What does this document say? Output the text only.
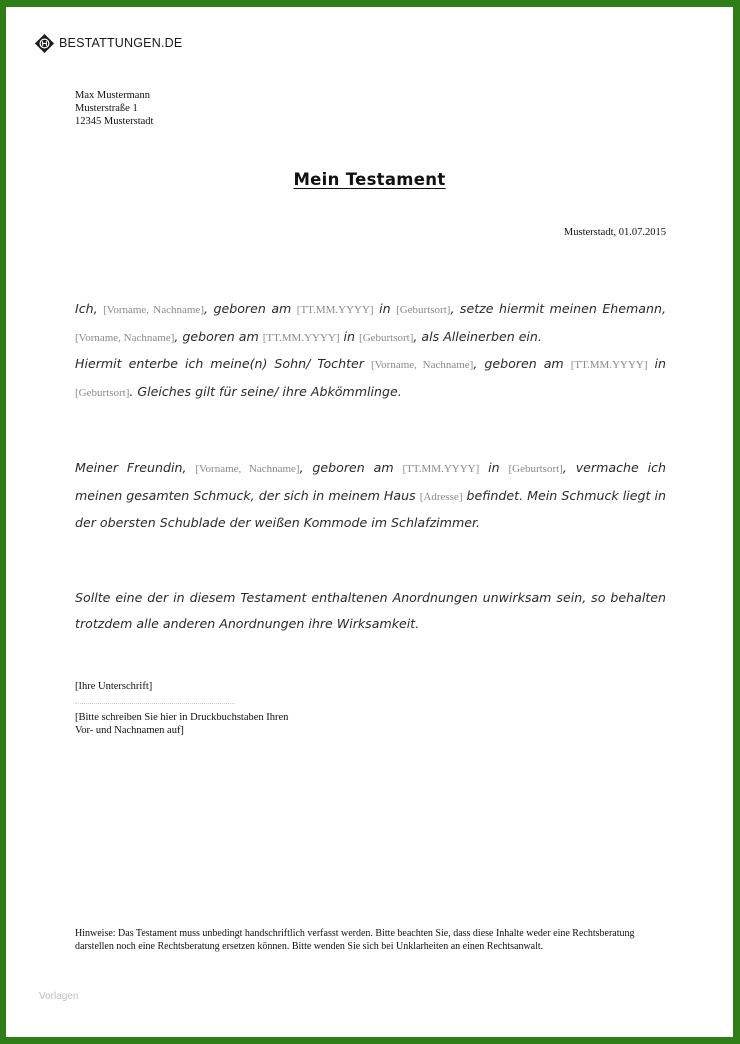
BESTATTUNGEN.DE
Max Mustermann
Musterstraße 1
12345 Musterstadt
Mein Testament
Musterstadt, 01.07.2015

Ich, [Vorname, Nachname], geboren am [TT.MM.YYYY] in [Geburtsort], setze hiermit meinen Ehemann, [Vorname, Nachname], geboren am [TT.MM.YYYY] in [Geburtsort], als Alleinerben ein.
Hiermit enterbe ich meine(n) Sohn/ Tochter [Vorname, Nachname], geboren am [TT.MM.YYYY] in [Geburtsort]. Gleiches gilt für seine/ ihre Abkömmlinge.

Meiner Freundin, [Vorname, Nachname], geboren am [TT.MM.YYYY] in [Geburtsort], vermache ich meinen gesamten Schmuck, der sich in meinem Haus [Adresse] befindet. Mein Schmuck liegt in der obersten Schublade der weißen Kommode im Schlafzimmer.

Sollte eine der in diesem Testament enthaltenen Anordnungen unwirksam sein, so behalten trotzdem alle anderen Anordnungen ihre Wirksamkeit.

[Ihre Unterschrift]
[Bitte schreiben Sie hier in Druckbuchstaben Ihren
Vor- und Nachnamen auf]
Hinweise: Das Testament muss unbedingt handschriftlich verfasst werden. Bitte beachten Sie, dass diese Inhalte weder eine Rechtsberatung darstellen noch eine Rechtsberatung ersetzen können. Bitte wenden Sie sich bei Unklarheiten an einen Rechtsanwalt.
Vorlagen
